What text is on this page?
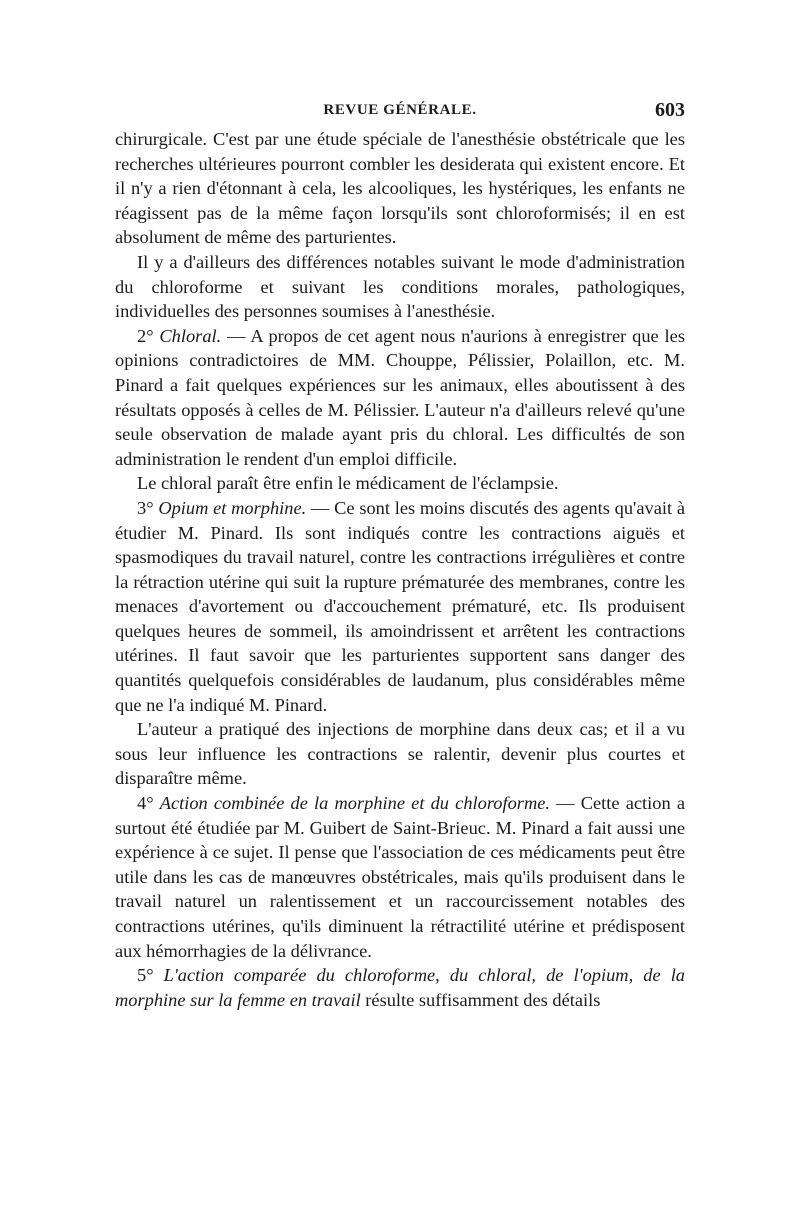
REVUE GÉNÉRALE.	603

chirurgicale. C'est par une étude spéciale de l'anesthésie obstétricale que les recherches ultérieures pourront combler les desiderata qui existent encore. Et il n'y a rien d'étonnant à cela, les alcooliques, les hystériques, les enfants ne réagissent pas de la même façon lorsqu'ils sont chloroformisés; il en est absolument de même des parturientes.

Il y a d'ailleurs des différences notables suivant le mode d'administration du chloroforme et suivant les conditions morales, pathologiques, individuelles des personnes soumises à l'anesthésie.

2° Chloral. — A propos de cet agent nous n'aurions à enregistrer que les opinions contradictoires de MM. Chouppe, Pélissier, Polaillon, etc. M. Pinard a fait quelques expériences sur les animaux, elles aboutissent à des résultats opposés à celles de M. Pélissier. L'auteur n'a d'ailleurs relevé qu'une seule observation de malade ayant pris du chloral. Les difficultés de son administration le rendent d'un emploi difficile.

Le chloral paraît être enfin le médicament de l'éclampsie.

3° Opium et morphine. — Ce sont les moins discutés des agents qu'avait à étudier M. Pinard. Ils sont indiqués contre les contractions aiguës et spasmodiques du travail naturel, contre les contractions irrégulières et contre la rétraction utérine qui suit la rupture prématurée des membranes, contre les menaces d'avortement ou d'accouchement prématuré, etc. Ils produisent quelques heures de sommeil, ils amoindrissent et arrêtent les contractions utérines. Il faut savoir que les parturientes supportent sans danger des quantités quelquefois considérables de laudanum, plus considérables même que ne l'a indiqué M. Pinard.

L'auteur a pratiqué des injections de morphine dans deux cas; et il a vu sous leur influence les contractions se ralentir, devenir plus courtes et disparaître même.

4° Action combinée de la morphine et du chloroforme. — Cette action a surtout été étudiée par M. Guibert de Saint-Brieuc. M. Pinard a fait aussi une expérience à ce sujet. Il pense que l'association de ces médicaments peut être utile dans les cas de manœuvres obstétricales, mais qu'ils produisent dans le travail naturel un ralentissement et un raccourcissement notables des contractions utérines, qu'ils diminuent la rétractilité utérine et prédisposent aux hémorrhagies de la délivrance.

5° L'action comparée du chloroforme, du chloral, de l'opium, de la morphine sur la femme en travail résulte suffisamment des détails
